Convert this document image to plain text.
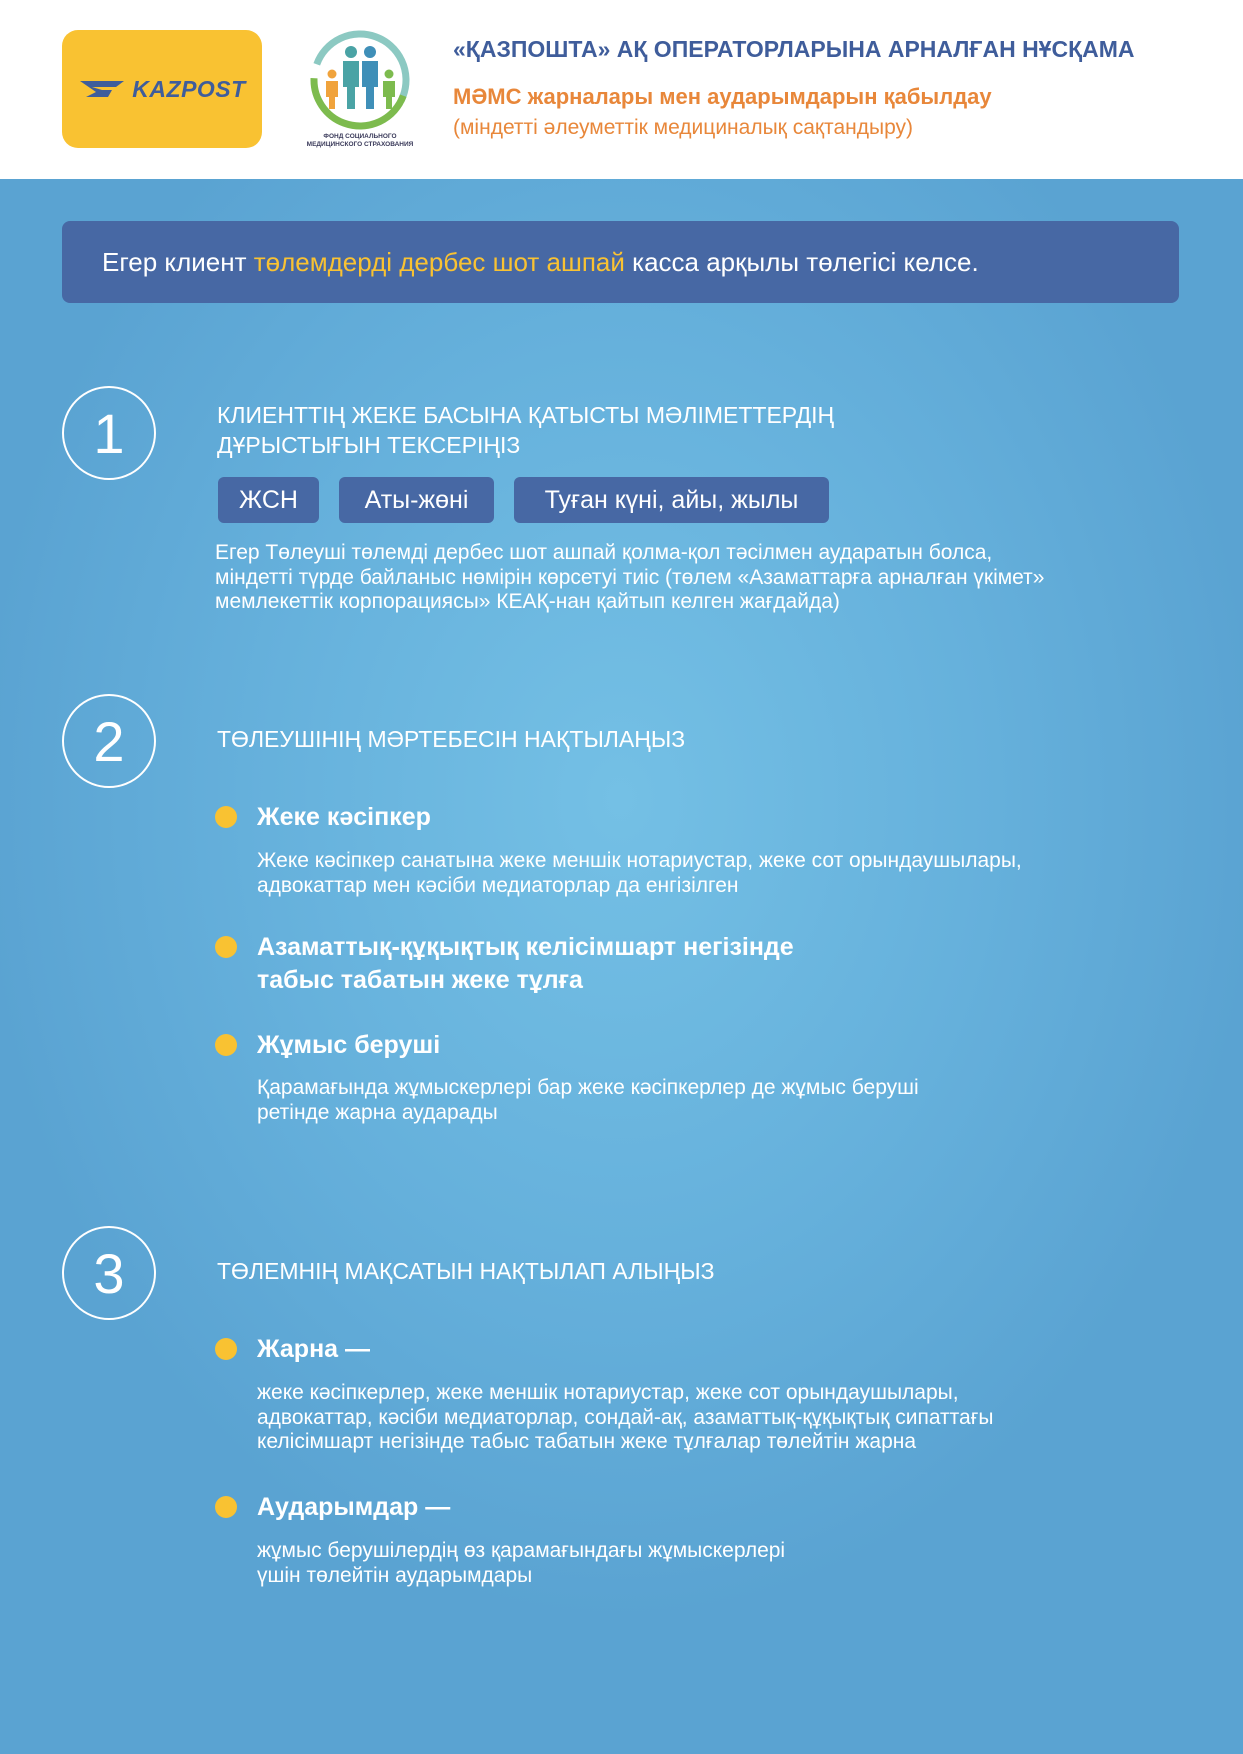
KAZPOST
ФОНД СОЦИАЛЬНОГО МЕДИЦИНСКОГО СТРАХОВАНИЯ
«ҚАЗПОШТА» АҚ ОПЕРАТОРЛАРЫНА АРНАЛҒАН НҰСҚАМА
МӘМС жарналары мен аударымдарын қабылдау
(міндетті әлеуметтік медициналық сақтандыру)
Егер клиент төлемдерді дербес шот ашпай касса арқылы төлегісі келсе.
1	КЛИЕНТТІҢ ЖЕКЕ БАСЫНА ҚАТЫСТЫ МӘЛІМЕТТЕРДІҢ
ДҰРЫСТЫҒЫН ТЕКСЕРІҢІЗ
ЖСН	Аты-жөні	Туған күні, айы, жылы
Егер Төлеуші төлемді дербес шот ашпай қолма-қол тәсілмен аударатын болса,
міндетті түрде байланыс нөмірін көрсетуі тиіс (төлем «Азаматтарға арналған үкімет»
мемлекеттік корпорациясы» КЕАҚ-нан қайтып келген жағдайда)
2	ТӨЛЕУШІНІҢ МӘРТЕБЕСІН НАҚТЫЛАҢЫЗ
Жеке кәсіпкер
Жеке кәсіпкер санатына жеке меншік нотариустар, жеке сот орындаушылары,
адвокаттар мен кәсіби медиаторлар да енгізілген
Азаматтық-құқықтық келісімшарт негізінде
табыс табатын жеке тұлға
Жұмыс беруші
Қарамағында жұмыскерлері бар жеке кәсіпкерлер де жұмыс беруші
ретінде жарна аударады
3	ТӨЛЕМНІҢ МАҚСАТЫН НАҚТЫЛАП АЛЫҢЫЗ
Жарна —
жеке кәсіпкерлер, жеке меншік нотариустар, жеке сот орындаушылары,
адвокаттар, кәсіби медиаторлар, сондай-ақ, азаматтық-құқықтық сипаттағы
келісімшарт негізінде табыс табатын жеке тұлғалар төлейтін жарна
Аударымдар —
жұмыс берушілердің өз қарамағындағы жұмыскерлері
үшін төлейтін аударымдары
